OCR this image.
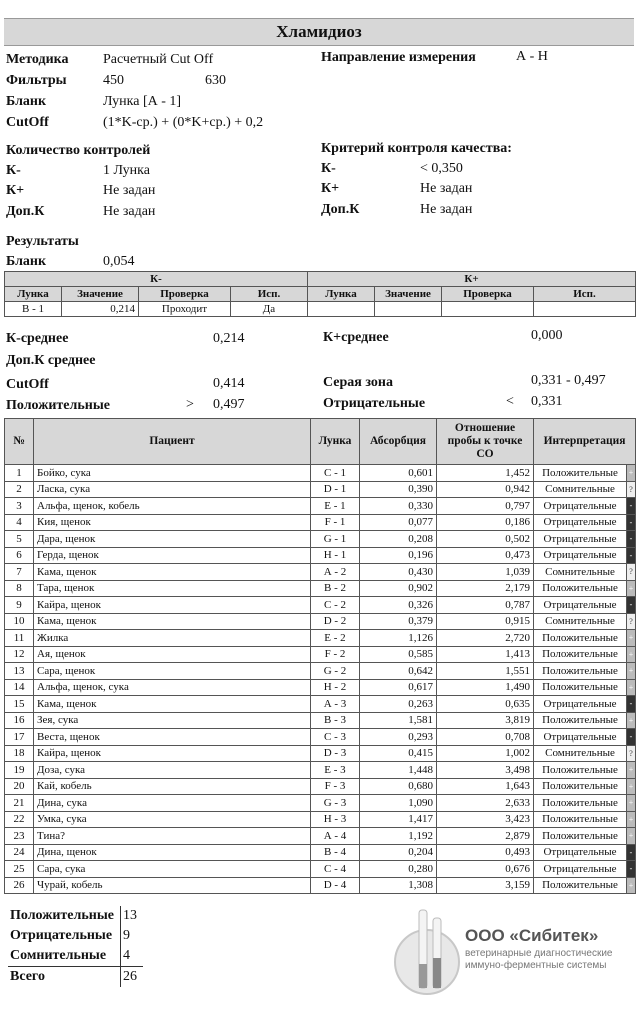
Хламидиоз
Методика Расчетный Cut Off
Фильтры	450	630
Бланк	Лунка [А - 1]
CutOff	(1*K-ср.) + (0*K+ср.) + 0,2
Направление измерения	А - Н
Количество контролей
К-	1 Лунка
К+	Не задан
Доп.К	Не задан
Критерий контроля качества:
К-	< 0,350
К+	Не задан
Доп.К	Не задан
Результаты
Бланк	0,054
К-				К+			
Лунка	Значение	Проверка	Исп.	Лунка	Значение	Проверка	Исп.
В - 1	0,214	Проходит	Да				
К-среднее	0,214	К+среднее	0,000
Доп.К среднее
CutOff	0,414	Серая зона	0,331 - 0,497
Положительные	> 0,497	Отрицательные	< 0,331
№	Пациент	Лунка	Абсорбция	Отношение пробы к точке СО	Интерпретация	
1	Бойко, сука	С - 1	0,601	1,452	Положительные	+
2	Ласка, сука	D - 1	0,390	0,942	Сомнительные	?
3	Альфа, щенок, кобель	Е - 1	0,330	0,797	Отрицательные	-
4	Кия, щенок	F - 1	0,077	0,186	Отрицательные	-
5	Дара, щенок	G - 1	0,208	0,502	Отрицательные	-
6	Герда, щенок	Н - 1	0,196	0,473	Отрицательные	-
7	Кама, щенок	А - 2	0,430	1,039	Сомнительные	?
8	Тара, щенок	В - 2	0,902	2,179	Положительные	+
9	Кайра, щенок	С - 2	0,326	0,787	Отрицательные	-
10	Кама, щенок	D - 2	0,379	0,915	Сомнительные	?
11	Жилка	Е - 2	1,126	2,720	Положительные	+
12	Ая, щенок	F - 2	0,585	1,413	Положительные	+
13	Сара, щенок	G - 2	0,642	1,551	Положительные	+
14	Альфа, щенок, сука	Н - 2	0,617	1,490	Положительные	+
15	Кама, щенок	А - 3	0,263	0,635	Отрицательные	-
16	Зея, сука	В - 3	1,581	3,819	Положительные	+
17	Веста, щенок	С - 3	0,293	0,708	Отрицательные	-
18	Кайра, щенок	D - 3	0,415	1,002	Сомнительные	?
19	Доза, сука	Е - 3	1,448	3,498	Положительные	+
20	Кай, кобель	F - 3	0,680	1,643	Положительные	+
21	Дина, сука	G - 3	1,090	2,633	Положительные	+
22	Умка, сука	Н - 3	1,417	3,423	Положительные	+
23	Тина?	А - 4	1,192	2,879	Положительные	+
24	Дина, щенок	В - 4	0,204	0,493	Отрицательные	-
25	Сара, сука	С - 4	0,280	0,676	Отрицательные	-
26	Чурай, кобель	D - 4	1,308	3,159	Положительные	+
Положительные	13
Отрицательные	9
Сомнительные	4
Всего	26
ООО «Сибитек»
ветеринарные диагностические
иммуно-ферментные системы
